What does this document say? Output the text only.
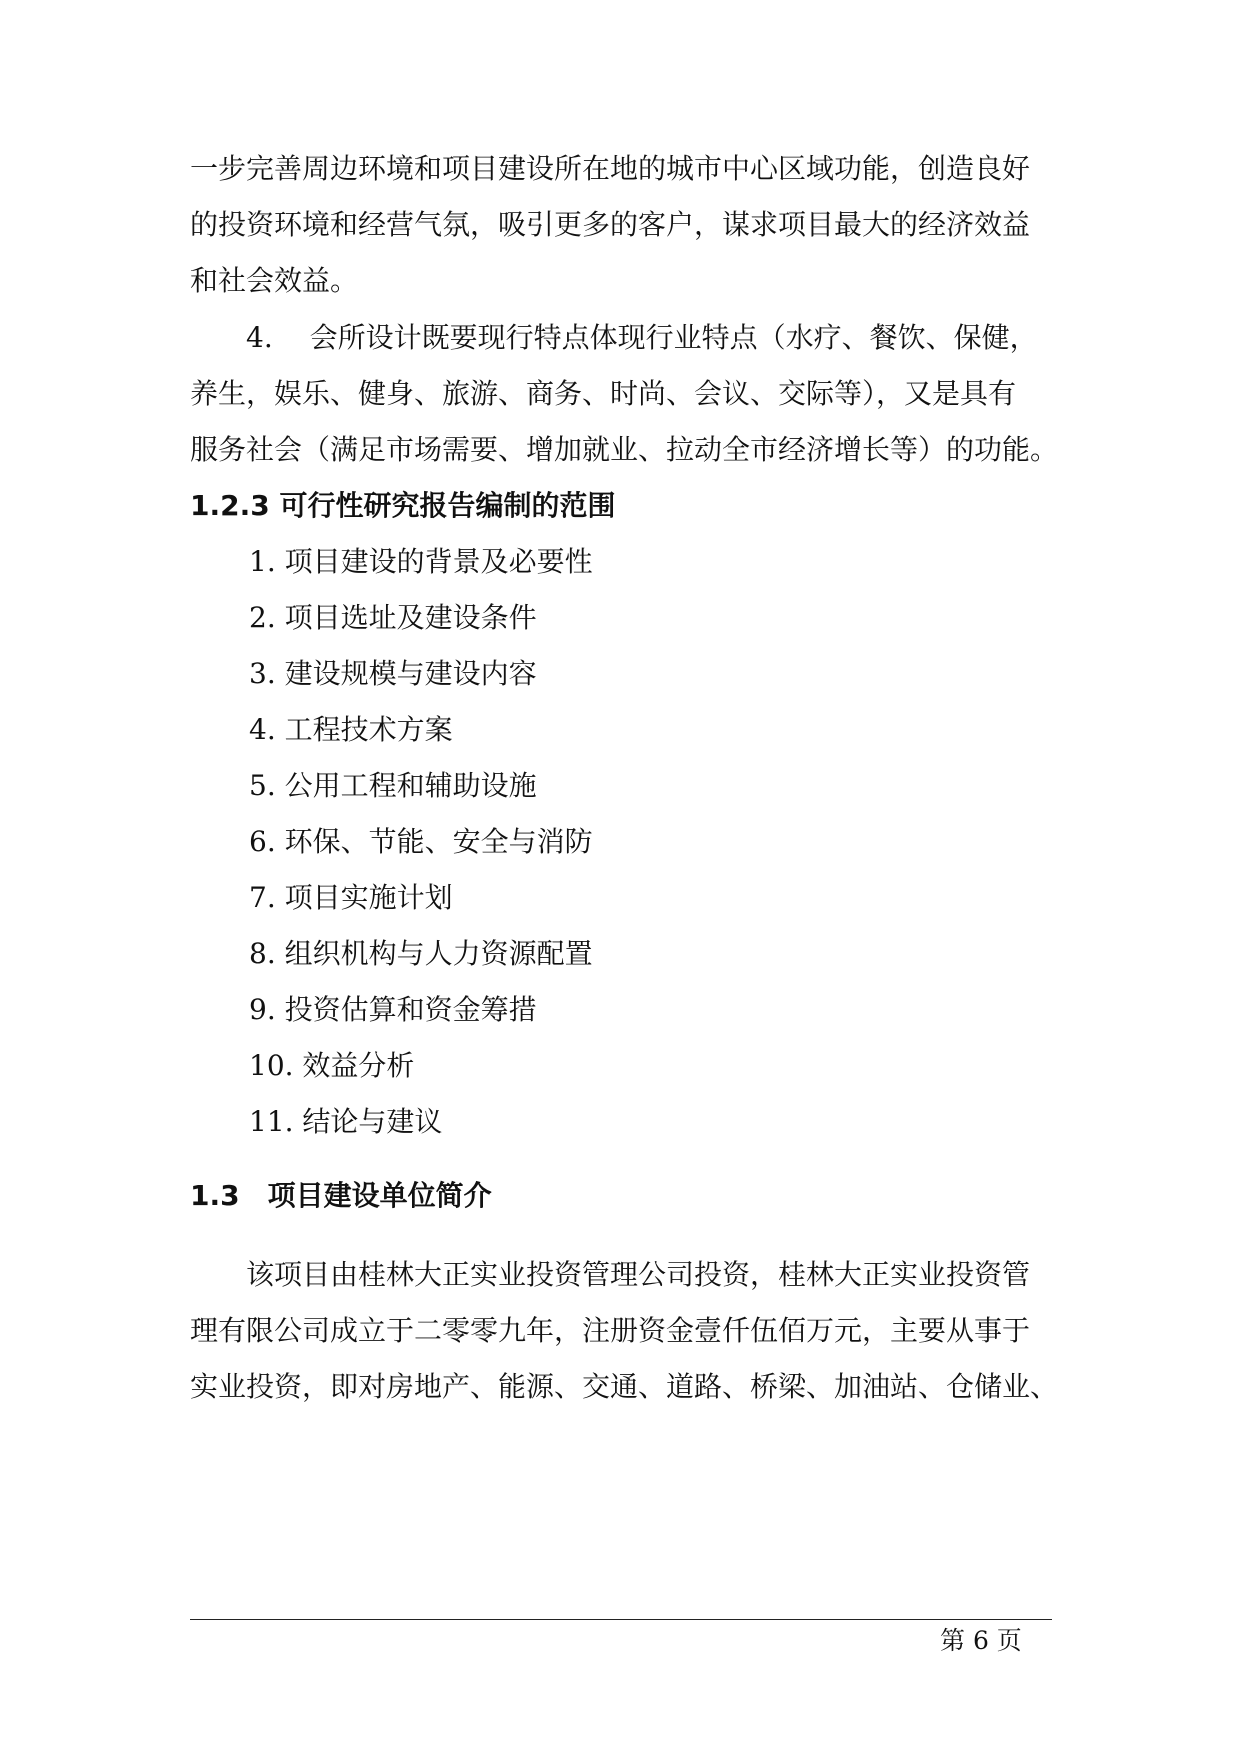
一步完善周边环境和项目建设所在地的城市中心区域功能，创造良好
的投资环境和经营气氛，吸引更多的客户，谋求项目最大的经济效益
和社会效益。
4.　 会所设计既要现行特点体现行业特点（水疗、餐饮、保健，
养生，娱乐、健身、旅游、商务、时尚、会议、交际等），又是具有
服务社会（满足市场需要、增加就业、拉动全市经济增长等）的功能。
1.2.3 可行性研究报告编制的范围
1. 项目建设的背景及必要性
2. 项目选址及建设条件
3. 建设规模与建设内容
4. 工程技术方案
5. 公用工程和辅助设施
6. 环保、节能、安全与消防
7. 项目实施计划
8. 组织机构与人力资源配置
9. 投资估算和资金筹措
10. 效益分析
11. 结论与建议
1.3　项目建设单位简介
该项目由桂林大正实业投资管理公司投资，桂林大正实业投资管
理有限公司成立于二零零九年，注册资金壹仟伍佰万元，主要从事于
实业投资，即对房地产、能源、交通、道路、桥梁、加油站、仓储业、
第 6 页
